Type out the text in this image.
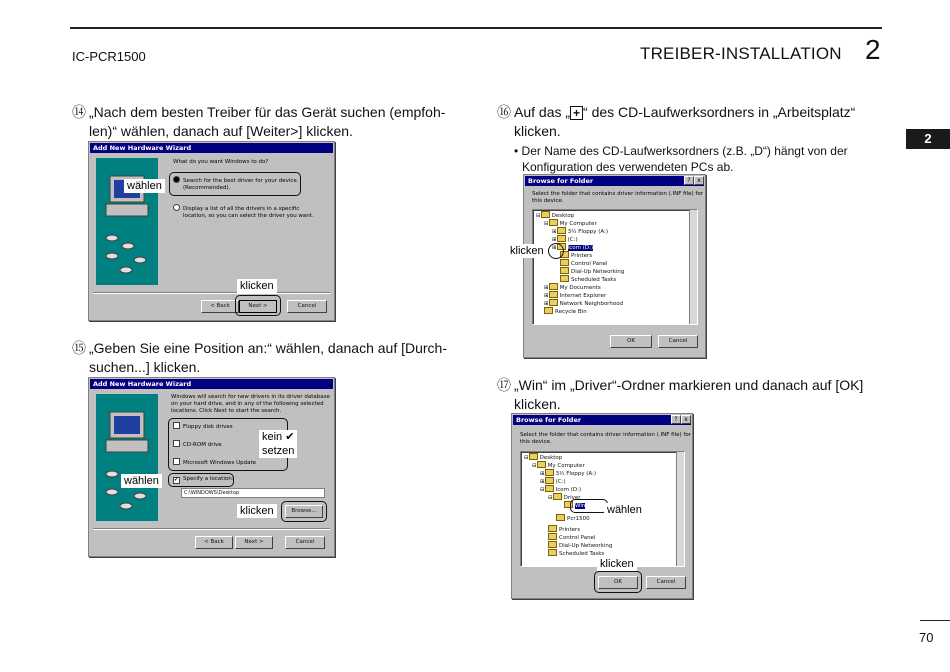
IC-PCR1500	TREIBER-INSTALLATION 2
2
⑭ „Nach dem besten Treiber für das Gerät suchen (empfoh-
len)“ wählen, danach auf [Weiter>] klicken.
Add New Hardware Wizard
What do you want Windows to do?
Search for the best driver for your device.
(Recommended).
Display a list of all the drivers in a specific
location, so you can select the driver you want.
< Back	Next >	Cancel
wählen
klicken
⑮ „Geben Sie eine Position an:“ wählen, danach auf [Durch-
suchen...] klicken.
Add New Hardware Wizard
Windows will search for new drivers in its driver database
on your hard drive, and in any of the following selected
locations. Click Next to start the search.
Floppy disk drives
CD-ROM drive
Microsoft Windows Update
✔ Specify a location:
C:\WINDOWS\Desktop
Browse...
< Back	Next >	Cancel
kein ✔
setzen
wählen
klicken
⑯ Auf das „ + “ des CD-Laufwerksordners in „Arbeitsplatz“
klicken.
• Der Name des CD-Laufwerksordners (z.B. „D“) hängt von der
Konfiguration des verwendeten PCs ab.
Browse for Folder	?	x
Select the folder that contains driver information (.INF file) for
this device.
⊟ Desktop
⊟ My Computer
⊞ 3½ Floppy (A:)
⊞ (C:)
⊞ Icom (D:)
Printers
Control Panel
Dial-Up Networking
Scheduled Tasks
⊞ My Documents
⊞ Internet Explorer
⊞ Network Neighborhood
Recycle Bin
OK	Cancel
klicken
⑰ „Win“ im „Driver“-Ordner markieren und danach auf [OK]
klicken.
Browse for Folder	?	x
Select the folder that contains driver information (.INF file) for
this device.
⊟ Desktop
⊟ My Computer
⊞ 3½ Floppy (A:)
⊞ (C:)
⊟ Icom (D:)
⊟ Driver
Win
Pcr1500
Printers
Control Panel
Dial-Up Networking
Scheduled Tasks
OK	Cancel
wählen
klicken
70
